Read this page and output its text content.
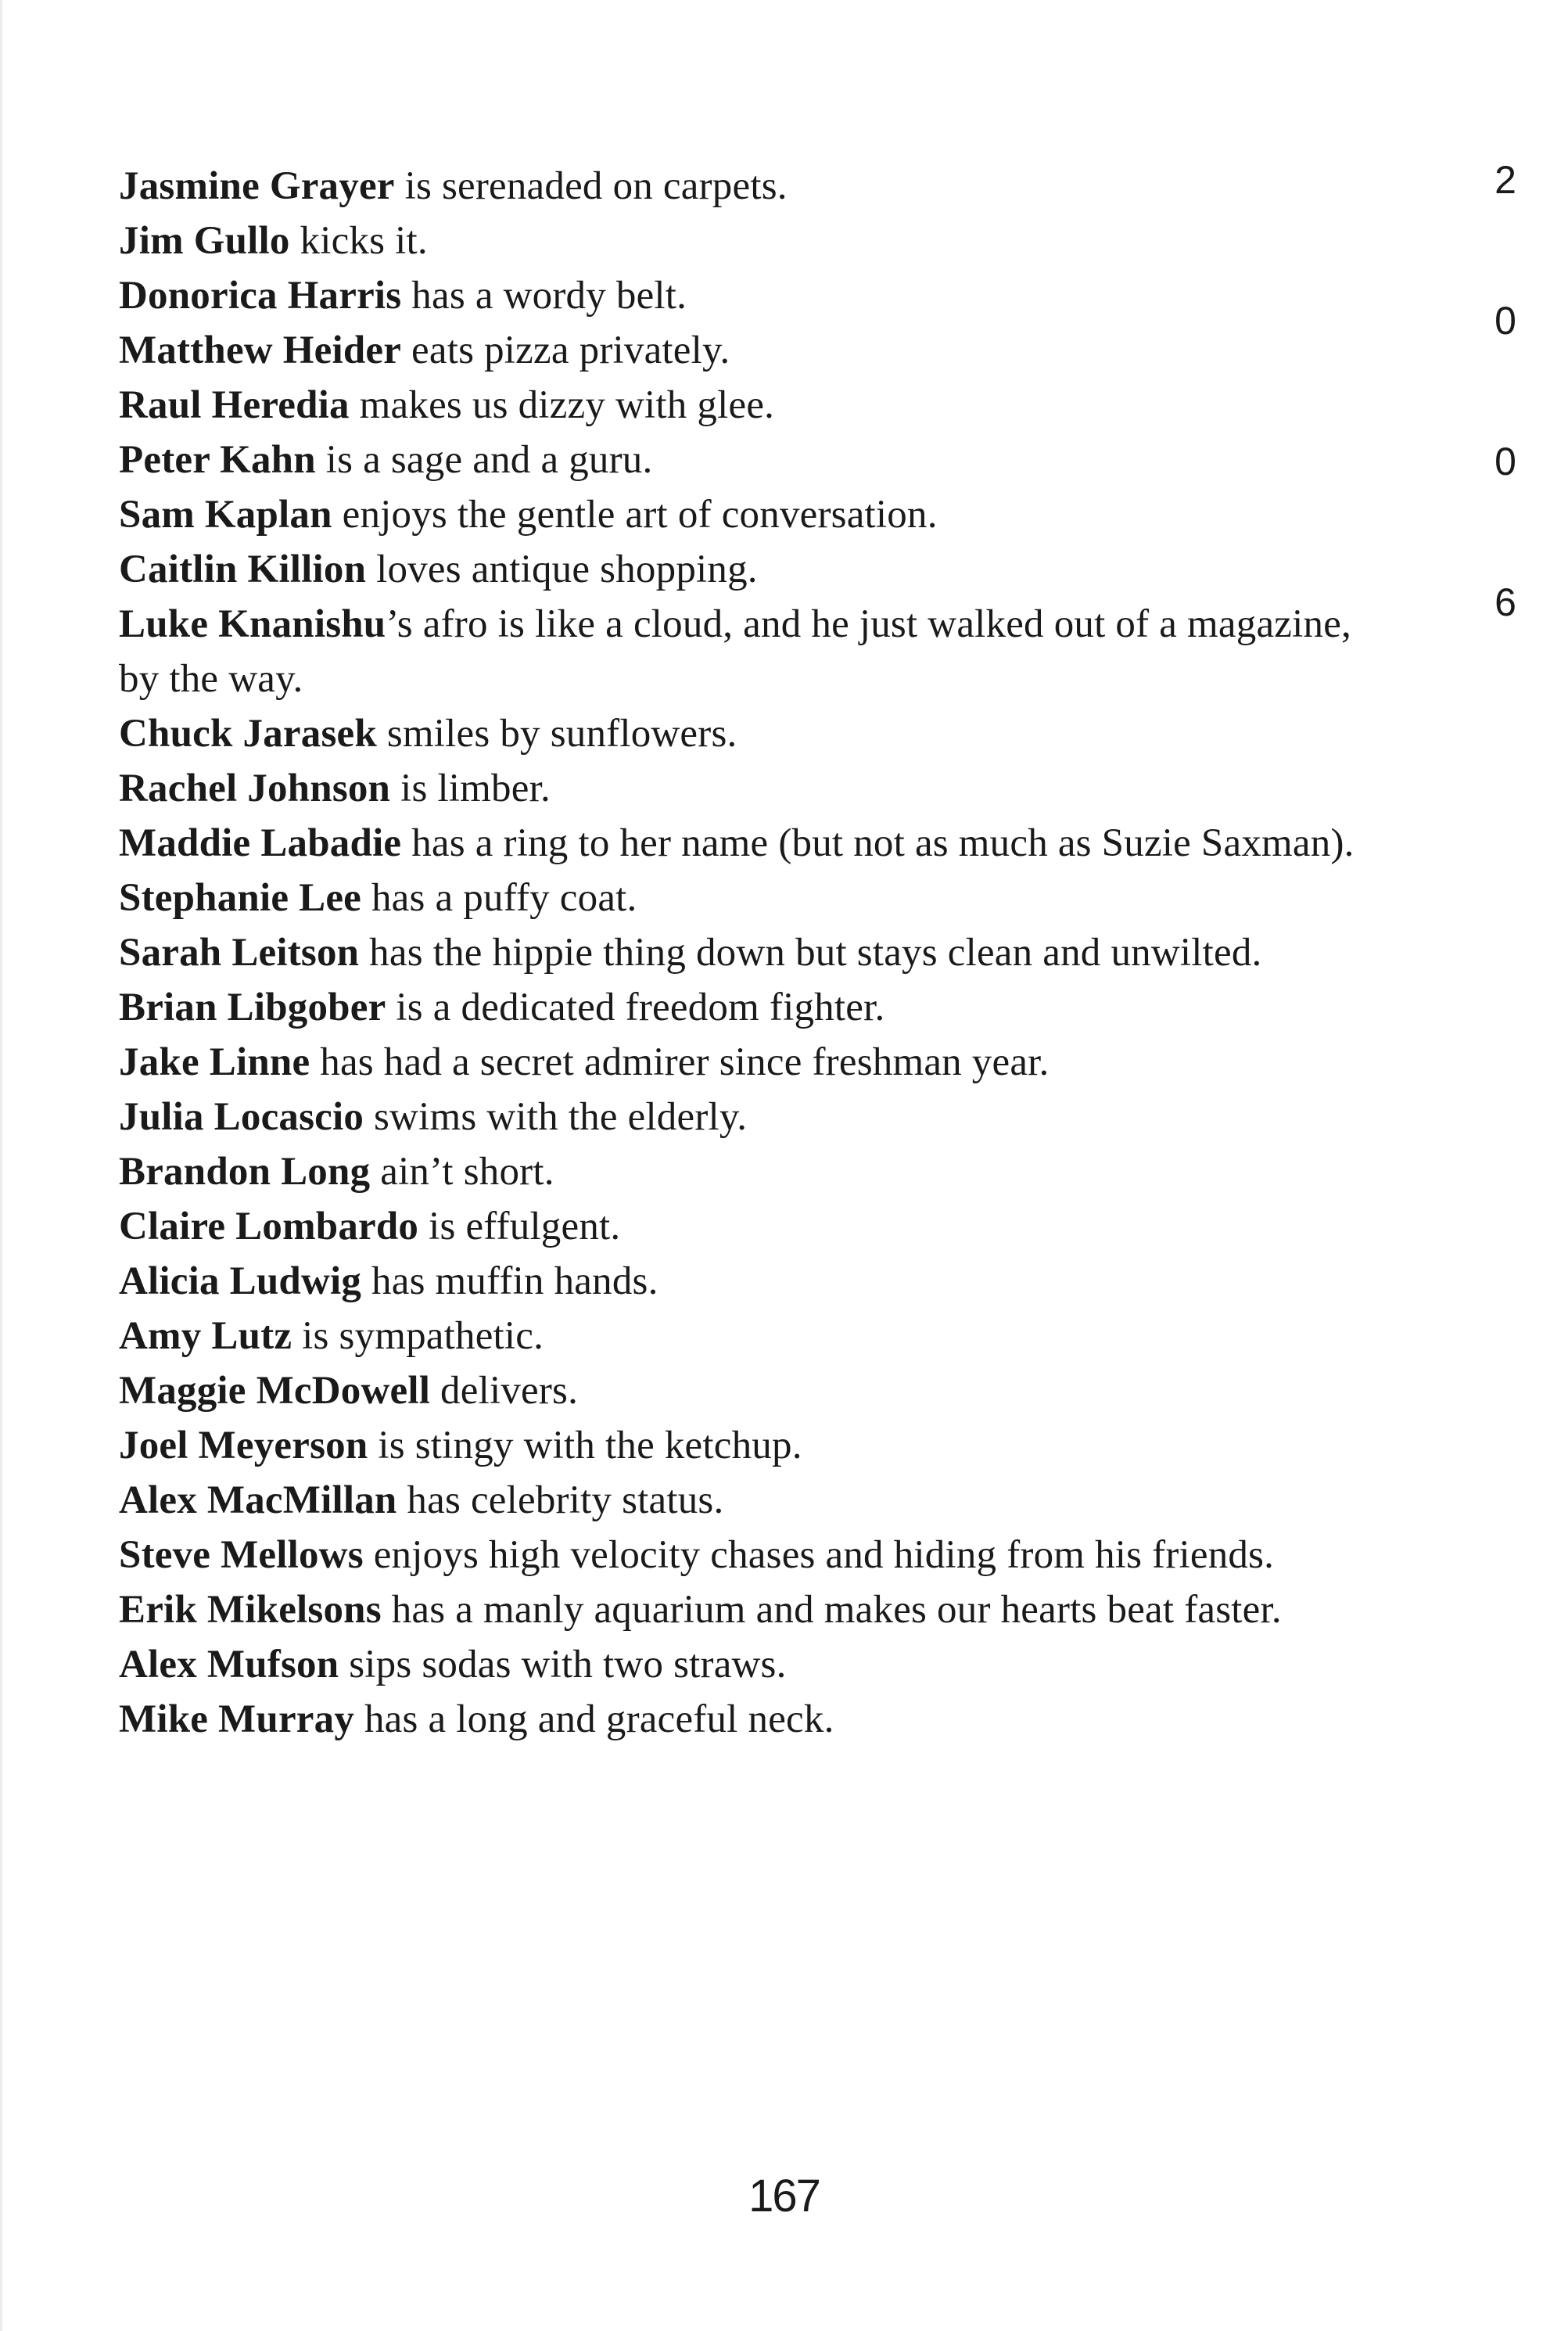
Jasmine Grayer is serenaded on carpets.

Jim Gullo kicks it.

Donorica Harris has a wordy belt.

Matthew Heider eats pizza privately.

Raul Heredia makes us dizzy with glee.

Peter Kahn is a sage and a guru.

Sam Kaplan enjoys the gentle art of conversation.

Caitlin Killion loves antique shopping.

Luke Knanishu’s afro is like a cloud, and he just walked out of a magazine, by the way.

Chuck Jarasek smiles by sunflowers.

Rachel Johnson is limber.

Maddie Labadie has a ring to her name (but not as much as Suzie Saxman).

Stephanie Lee has a puffy coat.

Sarah Leitson has the hippie thing down but stays clean and unwilted.

Brian Libgober is a dedicated freedom fighter.

Jake Linne has had a secret admirer since freshman year.

Julia Locascio swims with the elderly.

Brandon Long ain’t short.

Claire Lombardo is effulgent.

Alicia Ludwig has muffin hands.

Amy Lutz is sympathetic.

Maggie McDowell delivers.

Joel Meyerson is stingy with the ketchup.

Alex MacMillan has celebrity status.

Steve Mellows enjoys high velocity chases and hiding from his friends.

Erik Mikelsons has a manly aquarium and makes our hearts beat faster.

Alex Mufson sips sodas with two straws.

Mike Murray has a long and graceful neck.

2
0
0
6
167
